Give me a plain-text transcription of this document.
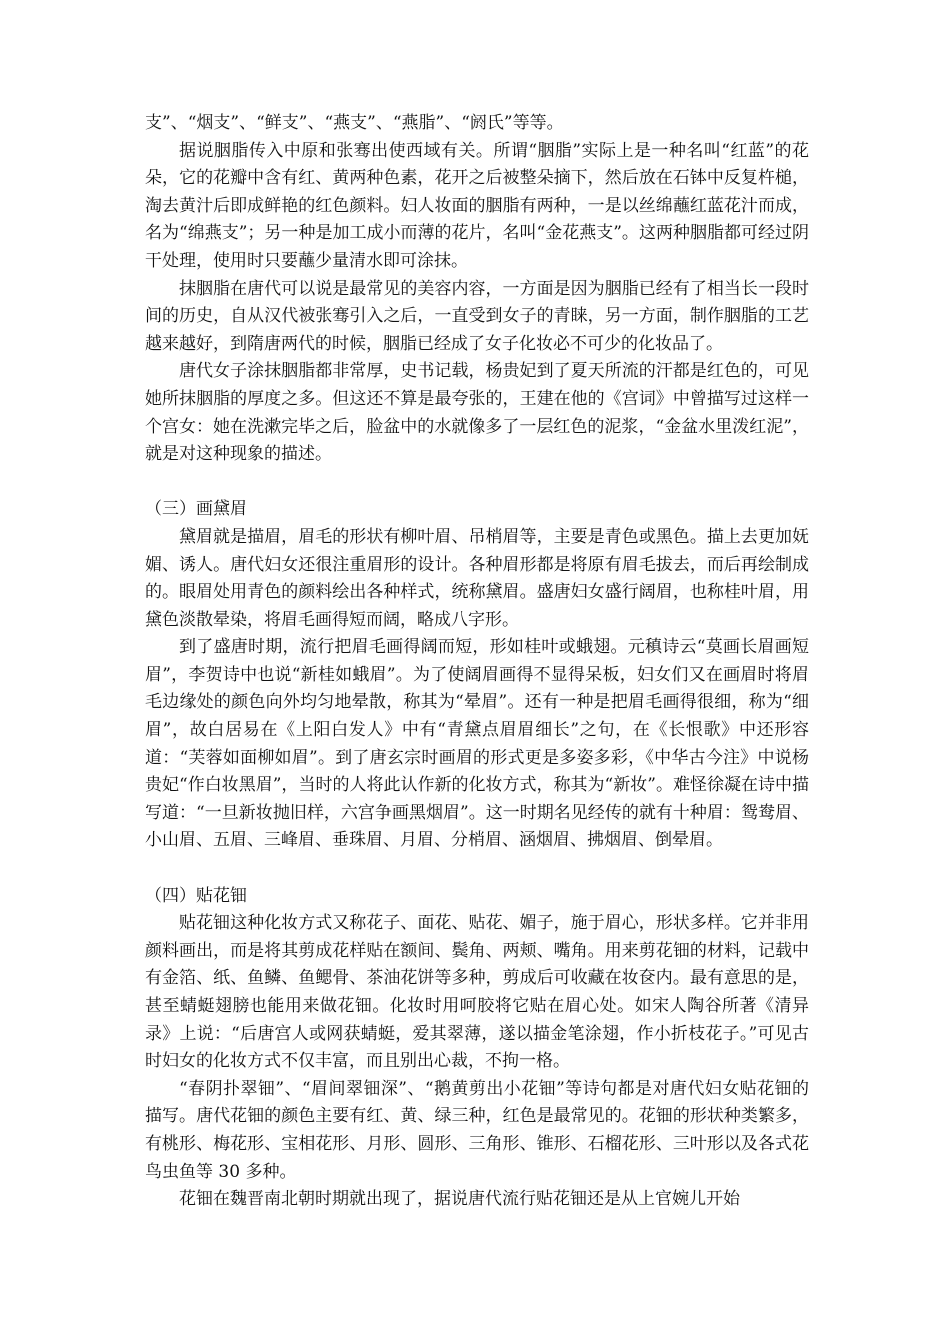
支”、“烟支”、“鲜支”、“燕支”、“燕脂”、“阏氏”等等。

据说胭脂传入中原和张骞出使西域有关。所谓“胭脂”实际上是一种名叫“红蓝”的花朵，它的花瓣中含有红、黄两种色素，花开之后被整朵摘下，然后放在石钵中反复杵槌，淘去黄汁后即成鲜艳的红色颜料。妇人妆面的胭脂有两种，一是以丝绵蘸红蓝花汁而成，名为“绵燕支”；另一种是加工成小而薄的花片，名叫“金花燕支”。这两种胭脂都可经过阴干处理，使用时只要蘸少量清水即可涂抹。

抹胭脂在唐代可以说是最常见的美容内容，一方面是因为胭脂已经有了相当长一段时间的历史，自从汉代被张骞引入之后，一直受到女子的青睐，另一方面，制作胭脂的工艺越来越好，到隋唐两代的时候，胭脂已经成了女子化妆必不可少的化妆品了。

唐代女子涂抹胭脂都非常厚，史书记载，杨贵妃到了夏天所流的汗都是红色的，可见她所抹胭脂的厚度之多。但这还不算是最夸张的，王建在他的《宫词》中曾描写过这样一个宫女：她在洗漱完毕之后，脸盆中的水就像多了一层红色的泥浆，“金盆水里泼红泥”，就是对这种现象的描述。

（三）画黛眉

黛眉就是描眉，眉毛的形状有柳叶眉、吊梢眉等，主要是青色或黑色。描上去更加妩媚、诱人。唐代妇女还很注重眉形的设计。各种眉形都是将原有眉毛拔去，而后再绘制成的。眼眉处用青色的颜料绘出各种样式，统称黛眉。盛唐妇女盛行阔眉，也称桂叶眉，用黛色淡散晕染，将眉毛画得短而阔，略成八字形。

到了盛唐时期，流行把眉毛画得阔而短，形如桂叶或蛾翅。元稹诗云“莫画长眉画短眉”，李贺诗中也说“新桂如蛾眉”。为了使阔眉画得不显得呆板，妇女们又在画眉时将眉毛边缘处的颜色向外均匀地晕散，称其为“晕眉”。还有一种是把眉毛画得很细，称为“细眉”，故白居易在《上阳白发人》中有“青黛点眉眉细长”之句，在《长恨歌》中还形容道：“芙蓉如面柳如眉”。到了唐玄宗时画眉的形式更是多姿多彩，《中华古今注》中说杨贵妃“作白妆黑眉”，当时的人将此认作新的化妆方式，称其为“新妆”。难怪徐凝在诗中描写道：“一旦新妆抛旧样，六宫争画黑烟眉”。这一时期名见经传的就有十种眉：鸳鸯眉、小山眉、五眉、三峰眉、垂珠眉、月眉、分梢眉、涵烟眉、拂烟眉、倒晕眉。

（四）贴花钿

贴花钿这种化妆方式又称花子、面花、贴花、媚子，施于眉心，形状多样。它并非用颜料画出，而是将其剪成花样贴在额间、鬓角、两颊、嘴角。用来剪花钿的材料，记载中有金箔、纸、鱼鳞、鱼鳃骨、茶油花饼等多种，剪成后可收藏在妆奁内。最有意思的是，甚至蜻蜓翅膀也能用来做花钿。化妆时用呵胶将它贴在眉心处。如宋人陶谷所著《清异录》上说：“后唐宫人或网获蜻蜓，爱其翠薄，遂以描金笔涂翅，作小折枝花子。”可见古时妇女的化妆方式不仅丰富，而且别出心裁，不拘一格。

“春阴扑翠钿”、“眉间翠钿深”、“鹅黄剪出小花钿”等诗句都是对唐代妇女贴花钿的描写。唐代花钿的颜色主要有红、黄、绿三种，红色是最常见的。花钿的形状种类繁多，有桃形、梅花形、宝相花形、月形、圆形、三角形、锥形、石榴花形、三叶形以及各式花鸟虫鱼等 30 多种。

花钿在魏晋南北朝时期就出现了，据说唐代流行贴花钿还是从上官婉儿开始
